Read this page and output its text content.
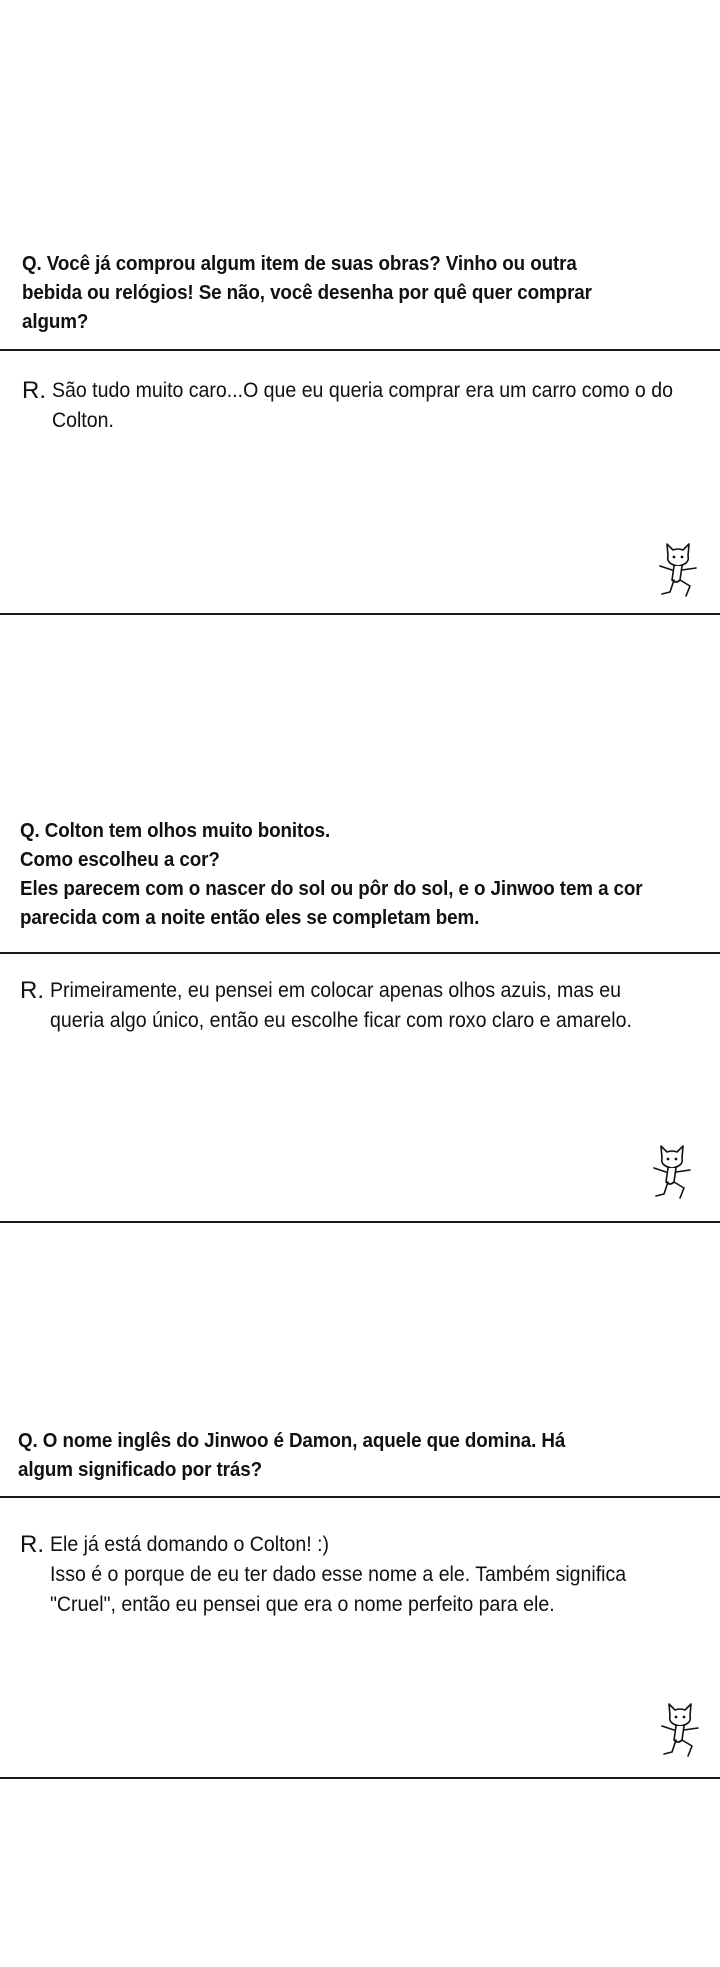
Q. Você já comprou algum item de suas obras? Vinho ou outra bebida ou relógios! Se não, você desenha por quê quer comprar algum?
R. São tudo muito caro...O que eu queria comprar era um carro como o do Colton.
Q. Colton tem olhos muito bonitos.
Como escolheu a cor?
Eles parecem com o nascer do sol ou pôr do sol, e o Jinwoo tem a cor parecida com a noite então eles se completam bem.
R. Primeiramente, eu pensei em colocar apenas olhos azuis, mas eu queria algo único, então eu escolhe ficar com roxo claro e amarelo.
Q. O nome inglês do Jinwoo é Damon, aquele que domina. Há algum significado por trás?
R. Ele já está domando o Colton! :)
Isso é o porque de eu ter dado esse nome a ele. Também significa "Cruel", então eu pensei que era o nome perfeito para ele.
